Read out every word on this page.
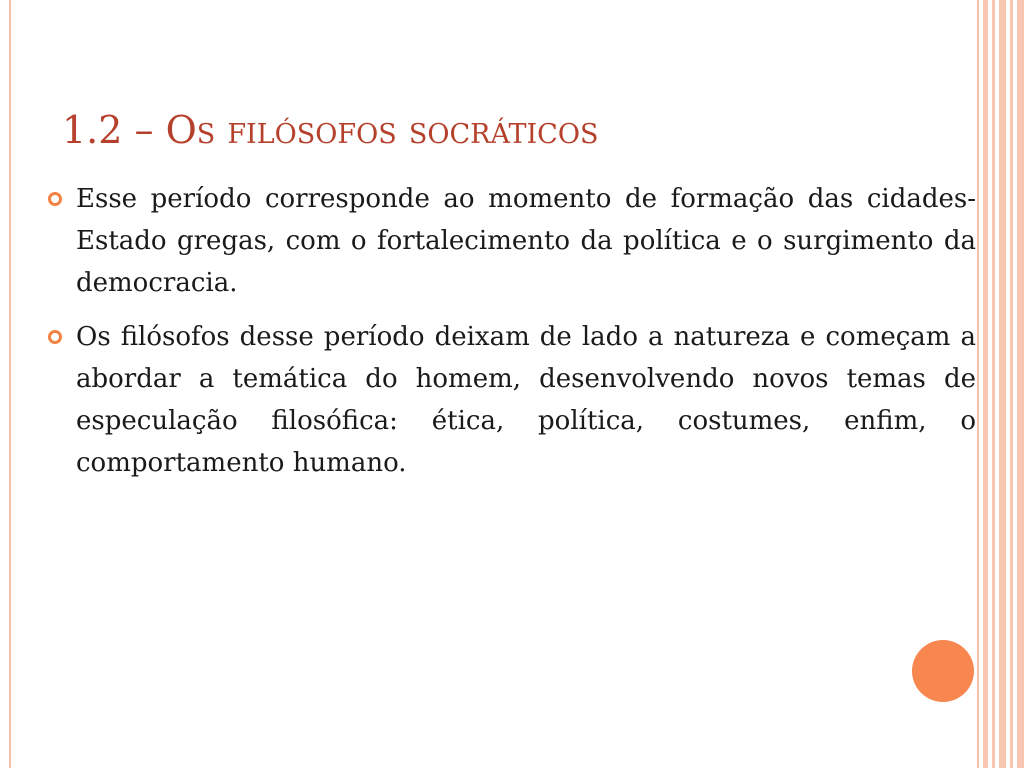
1.2 – Os filósofos socráticos
Esse período corresponde ao momento de formação das cidades-Estado gregas, com o fortalecimento da política e o surgimento da democracia.
Os filósofos desse período deixam de lado a natureza e começam a abordar a temática do homem, desenvolvendo novos temas de especulação filosófica: ética, política, costumes, enfim, o comportamento humano.
